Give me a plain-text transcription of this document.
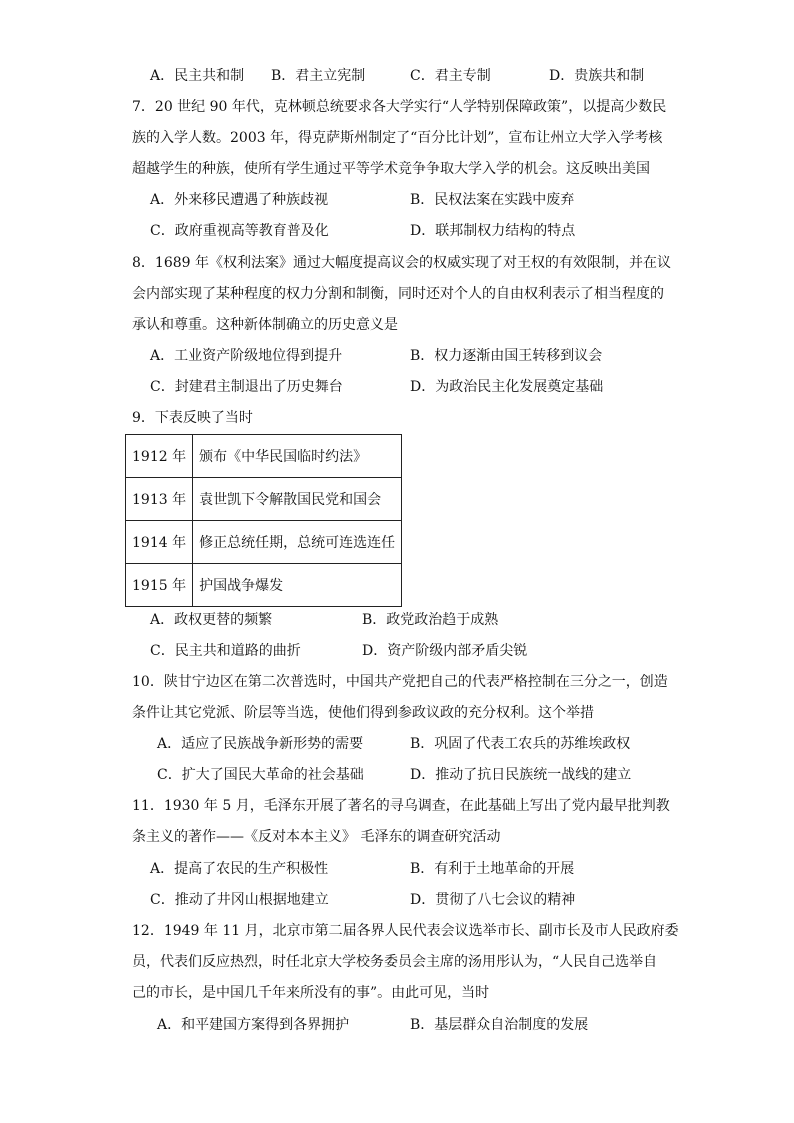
A．民主共和制 B．君主立宪制	C．君主专制	D．贵族共和制
7．20 世纪 90 年代，克林顿总统要求各大学实行“人学特别保障政策”，以提高少数民
族的入学人数。2003 年，得克萨斯州制定了“百分比计划”，宣布让州立大学入学考核
超越学生的种族，使所有学生通过平等学术竞争争取大学入学的机会。这反映出美国
A．外来移民遭遇了种族歧视	B．民权法案在实践中废弃
C．政府重视高等教育普及化	D．联邦制权力结构的特点
8．1689 年《权利法案》通过大幅度提高议会的权威实现了对王权的有效限制，并在议
会内部实现了某种程度的权力分割和制衡，同时还对个人的自由权利表示了相当程度的
承认和尊重。这种新体制确立的历史意义是
A．工业资产阶级地位得到提升	B．权力逐渐由国王转移到议会
C．封建君主制退出了历史舞台	D．为政治民主化发展奠定基础
9．下表反映了当时
1912 年	颁布《中华民国临时约法》
1913 年	袁世凯下令解散国民党和国会
1914 年	修正总统任期，总统可连选连任
1915 年	护国战争爆发
A．政权更替的频繁	B．政党政治趋于成熟
C．民主共和道路的曲折	D．资产阶级内部矛盾尖锐
10．陕甘宁边区在第二次普选时，中国共产党把自己的代表严格控制在三分之一，创造
条件让其它党派、阶层等当选，使他们得到参政议政的充分权利。这个举措
A．适应了民族战争新形势的需要	B．巩固了代表工农兵的苏维埃政权
C．扩大了国民大革命的社会基础	D．推动了抗日民族统一战线的建立
11．1930 年 5 月，毛泽东开展了著名的寻乌调查，在此基础上写出了党内最早批判教
条主义的著作——《反对本本主义》 毛泽东的调查研究活动
A．提高了农民的生产积极性	B．有利于土地革命的开展
C．推动了井冈山根据地建立	D．贯彻了八七会议的精神
12．1949 年 11 月，北京市第二届各界人民代表会议选举市长、副市长及市人民政府委
员，代表们反应热烈，时任北京大学校务委员会主席的汤用彤认为，“人民自己选举自
己的市长，是中国几千年来所没有的事”。由此可见，当时
A．和平建国方案得到各界拥护	B．基层群众自治制度的发展
